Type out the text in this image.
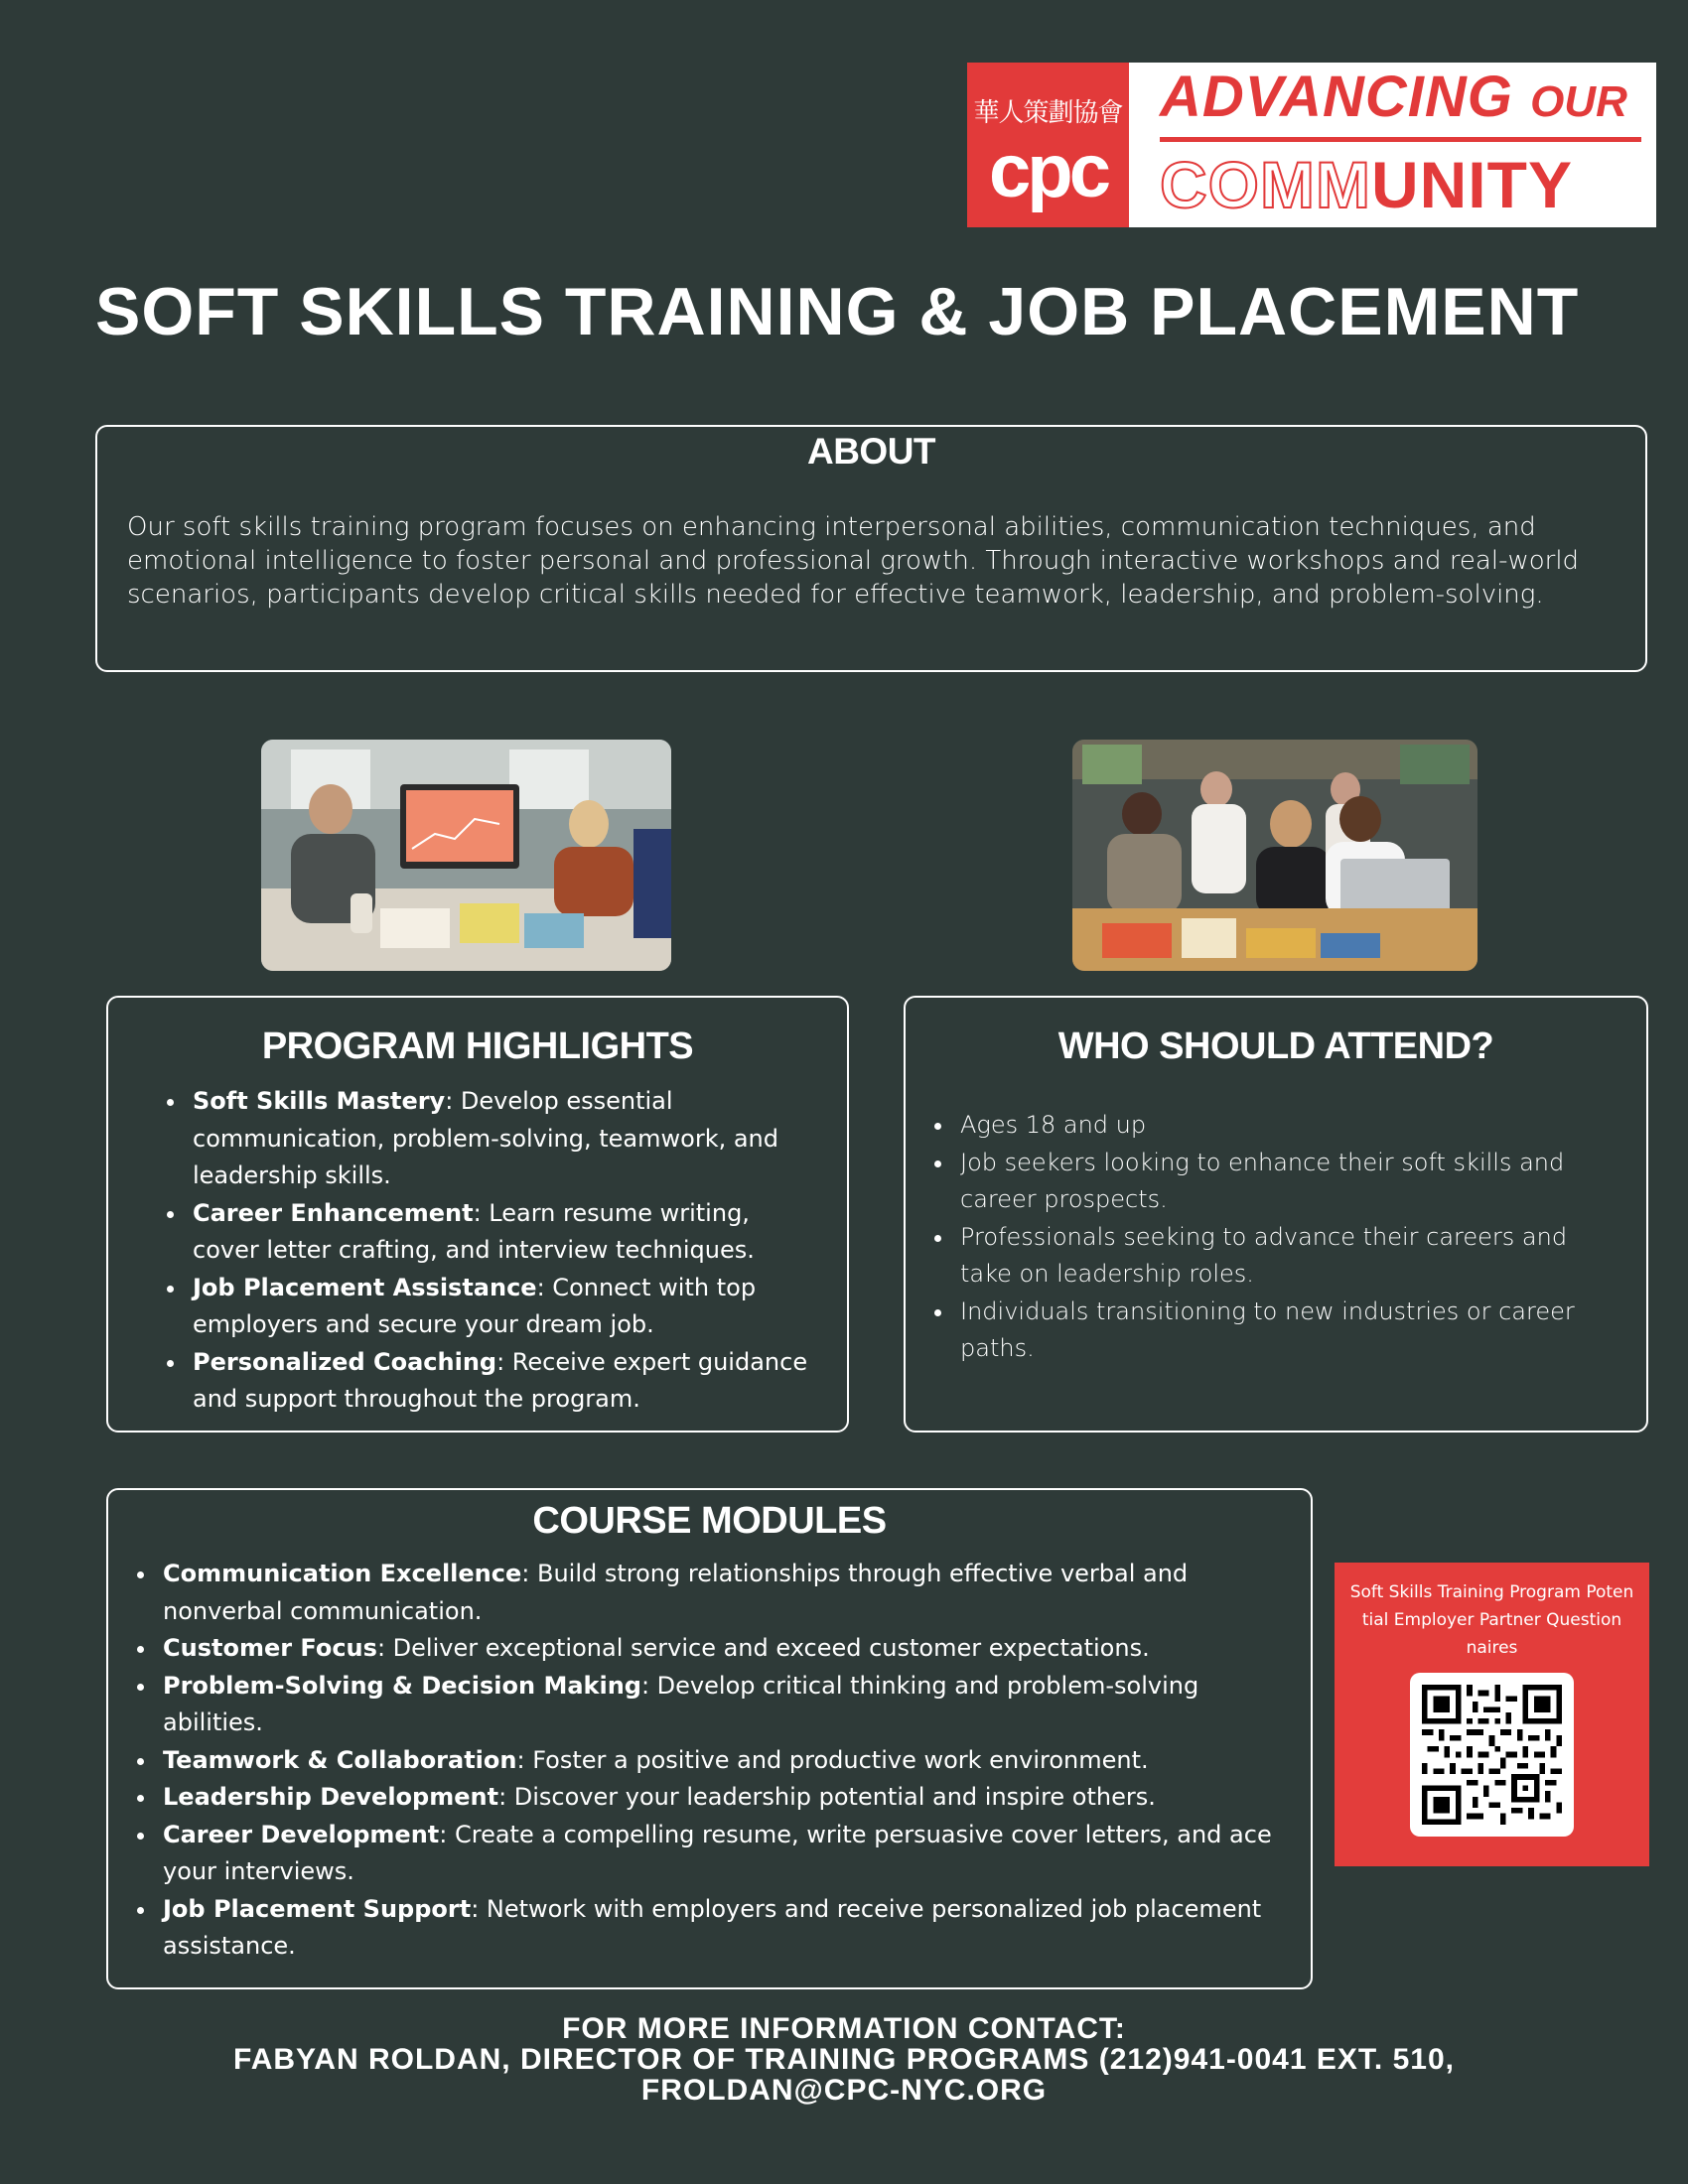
華人策劃協會
cpc
ADVANCING OUR
COMMUNITY
SOFT SKILLS TRAINING & JOB PLACEMENT
ABOUT
Our soft skills training program focuses on enhancing interpersonal abilities, communication techniques, and emotional intelligence to foster personal and professional growth. Through interactive workshops and real-world scenarios, participants develop critical skills needed for effective teamwork, leadership, and problem-solving.
PROGRAM HIGHLIGHTS
Soft Skills Mastery: Develop essential communication, problem-solving, teamwork, and leadership skills.
Career Enhancement: Learn resume writing, cover letter crafting, and interview techniques.
Job Placement Assistance: Connect with top employers and secure your dream job.
Personalized Coaching: Receive expert guidance and support throughout the program.
WHO SHOULD ATTEND?
Ages 18 and up
Job seekers looking to enhance their soft skills and career prospects.
Professionals seeking to advance their careers and take on leadership roles.
Individuals transitioning to new industries or career paths.
COURSE MODULES
Communication Excellence: Build strong relationships through effective verbal and nonverbal communication.
Customer Focus: Deliver exceptional service and exceed customer expectations.
Problem-Solving & Decision Making: Develop critical thinking and problem-solving abilities.
Teamwork & Collaboration: Foster a positive and productive work environment.
Leadership Development: Discover your leadership potential and inspire others.
Career Development: Create a compelling resume, write persuasive cover letters, and ace your interviews.
Job Placement Support: Network with employers and receive personalized job placement assistance.
Soft Skills Training Program Poten tial Employer Partner Question naires
FOR MORE INFORMATION CONTACT:
FABYAN ROLDAN, DIRECTOR OF TRAINING PROGRAMS (212)941-0041 EXT. 510,
FROLDAN@CPC-NYC.ORG
